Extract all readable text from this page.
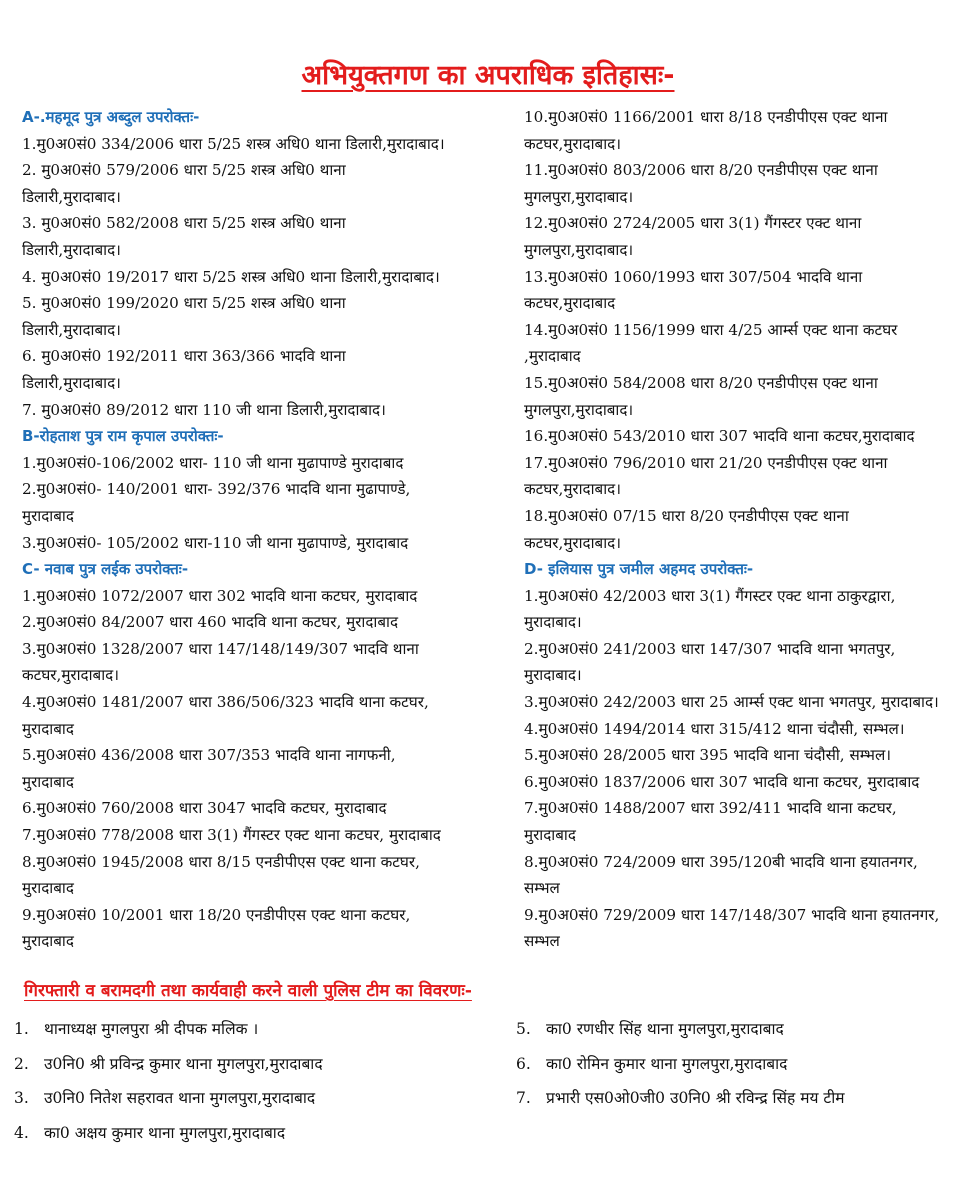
अभियुक्तगण का अपराधिक इतिहासः-
A-.महमूद पुत्र अब्दुल उपरोक्तः-
1.मु0अ0सं0 334/2006 धारा 5/25 शस्त्र अधि0 थाना डिलारी,मुरादाबाद।
2. मु0अ0सं0 579/2006 धारा 5/25 शस्त्र अधि0 थाना
डिलारी,मुरादाबाद।
3. मु0अ0सं0 582/2008 धारा 5/25 शस्त्र अधि0 थाना
डिलारी,मुरादाबाद।
4. मु0अ0सं0 19/2017 धारा 5/25 शस्त्र अधि0 थाना डिलारी,मुरादाबाद।
5. मु0अ0सं0 199/2020 धारा 5/25 शस्त्र अधि0 थाना
डिलारी,मुरादाबाद।
6. मु0अ0सं0 192/2011 धारा 363/366 भादवि थाना
डिलारी,मुरादाबाद।
7. मु0अ0सं0 89/2012 धारा 110 जी थाना डिलारी,मुरादाबाद।
B-रोहताश पुत्र राम कृपाल उपरोक्तः-
1.मु0अ0सं0-106/2002 धारा- 110 जी थाना मुढापाण्डे मुरादाबाद
2.मु0अ0सं0- 140/2001 धारा- 392/376 भादवि थाना मुढापाण्डे,
मुरादाबाद
3.मु0अ0सं0- 105/2002 धारा-110 जी थाना मुढापाण्डे, मुरादाबाद
C- नवाब पुत्र लईक उपरोक्तः-
1.मु0अ0सं0 1072/2007 धारा 302 भादवि थाना कटघर, मुरादाबाद
2.मु0अ0सं0 84/2007 धारा 460 भादवि थाना कटघर, मुरादाबाद
3.मु0अ0सं0 1328/2007 धारा 147/148/149/307 भादवि थाना
कटघर,मुरादाबाद।
4.मु0अ0सं0 1481/2007 धारा 386/506/323 भादवि थाना कटघर,
मुरादाबाद
5.मु0अ0सं0 436/2008 धारा 307/353 भादवि थाना नागफनी,
मुरादाबाद
6.मु0अ0सं0 760/2008 धारा 3047 भादवि कटघर, मुरादाबाद
7.मु0अ0सं0 778/2008 धारा 3(1) गैंगस्टर एक्ट थाना कटघर, मुरादाबाद
8.मु0अ0सं0 1945/2008 धारा 8/15 एनडीपीएस एक्ट थाना कटघर,
मुरादाबाद
9.मु0अ0सं0 10/2001 धारा 18/20 एनडीपीएस एक्ट थाना कटघर,
मुरादाबाद
10.मु0अ0सं0 1166/2001 धारा 8/18 एनडीपीएस एक्ट थाना
कटघर,मुरादाबाद।
11.मु0अ0सं0 803/2006 धारा 8/20 एनडीपीएस एक्ट थाना
मुगलपुरा,मुरादाबाद।
12.मु0अ0सं0 2724/2005 धारा 3(1) गैंगस्टर एक्ट थाना
मुगलपुरा,मुरादाबाद।
13.मु0अ0सं0 1060/1993 धारा 307/504 भादवि थाना
कटघर,मुरादाबाद
14.मु0अ0सं0 1156/1999 धारा 4/25 आर्म्स एक्ट थाना कटघर
,मुरादाबाद
15.मु0अ0सं0 584/2008 धारा 8/20 एनडीपीएस एक्ट थाना
मुगलपुरा,मुरादाबाद।
16.मु0अ0सं0 543/2010 धारा 307 भादवि थाना कटघर,मुरादाबाद
17.मु0अ0सं0 796/2010 धारा 21/20 एनडीपीएस एक्ट थाना
कटघर,मुरादाबाद।
18.मु0अ0सं0 07/15 धारा 8/20 एनडीपीएस एक्ट थाना
कटघर,मुरादाबाद।
D- इलियास पुत्र जमील अहमद उपरोक्तः-
1.मु0अ0सं0 42/2003 धारा 3(1) गैंगस्टर एक्ट थाना ठाकुरद्वारा,
मुरादाबाद।
2.मु0अ0सं0 241/2003 धारा 147/307 भादवि थाना भगतपुर,
मुरादाबाद।
3.मु0अ0सं0 242/2003 धारा 25 आर्म्स एक्ट थाना भगतपुर, मुरादाबाद।
4.मु0अ0सं0 1494/2014 धारा 315/412 थाना चंदौसी, सम्भल।
5.मु0अ0सं0 28/2005 धारा 395 भादवि थाना चंदौसी, सम्भल।
6.मु0अ0सं0 1837/2006 धारा 307 भादवि थाना कटघर, मुरादाबाद
7.मु0अ0सं0 1488/2007 धारा 392/411 भादवि थाना कटघर,
मुरादाबाद
8.मु0अ0सं0 724/2009 धारा 395/120बी भादवि थाना हयातनगर,
सम्भल
9.मु0अ0सं0 729/2009 धारा 147/148/307 भादवि थाना हयातनगर,
सम्भल
गिरफ्तारी व बरामदगी तथा कार्यवाही करने वाली पुलिस टीम का विवरणः-
1. थानाध्यक्ष मुगलपुरा श्री दीपक मलिक ।
2. उ0नि0 श्री प्रविन्द्र कुमार थाना मुगलपुरा,मुरादाबाद
3. उ0नि0 नितेश सहरावत थाना मुगलपुरा,मुरादाबाद
4. का0 अक्षय कुमार थाना मुगलपुरा,मुरादाबाद
5. का0 रणधीर सिंह थाना मुगलपुरा,मुरादाबाद
6. का0 रोमिन कुमार थाना मुगलपुरा,मुरादाबाद
7. प्रभारी एस0ओ0जी0 उ0नि0 श्री रविन्द्र सिंह मय टीम
